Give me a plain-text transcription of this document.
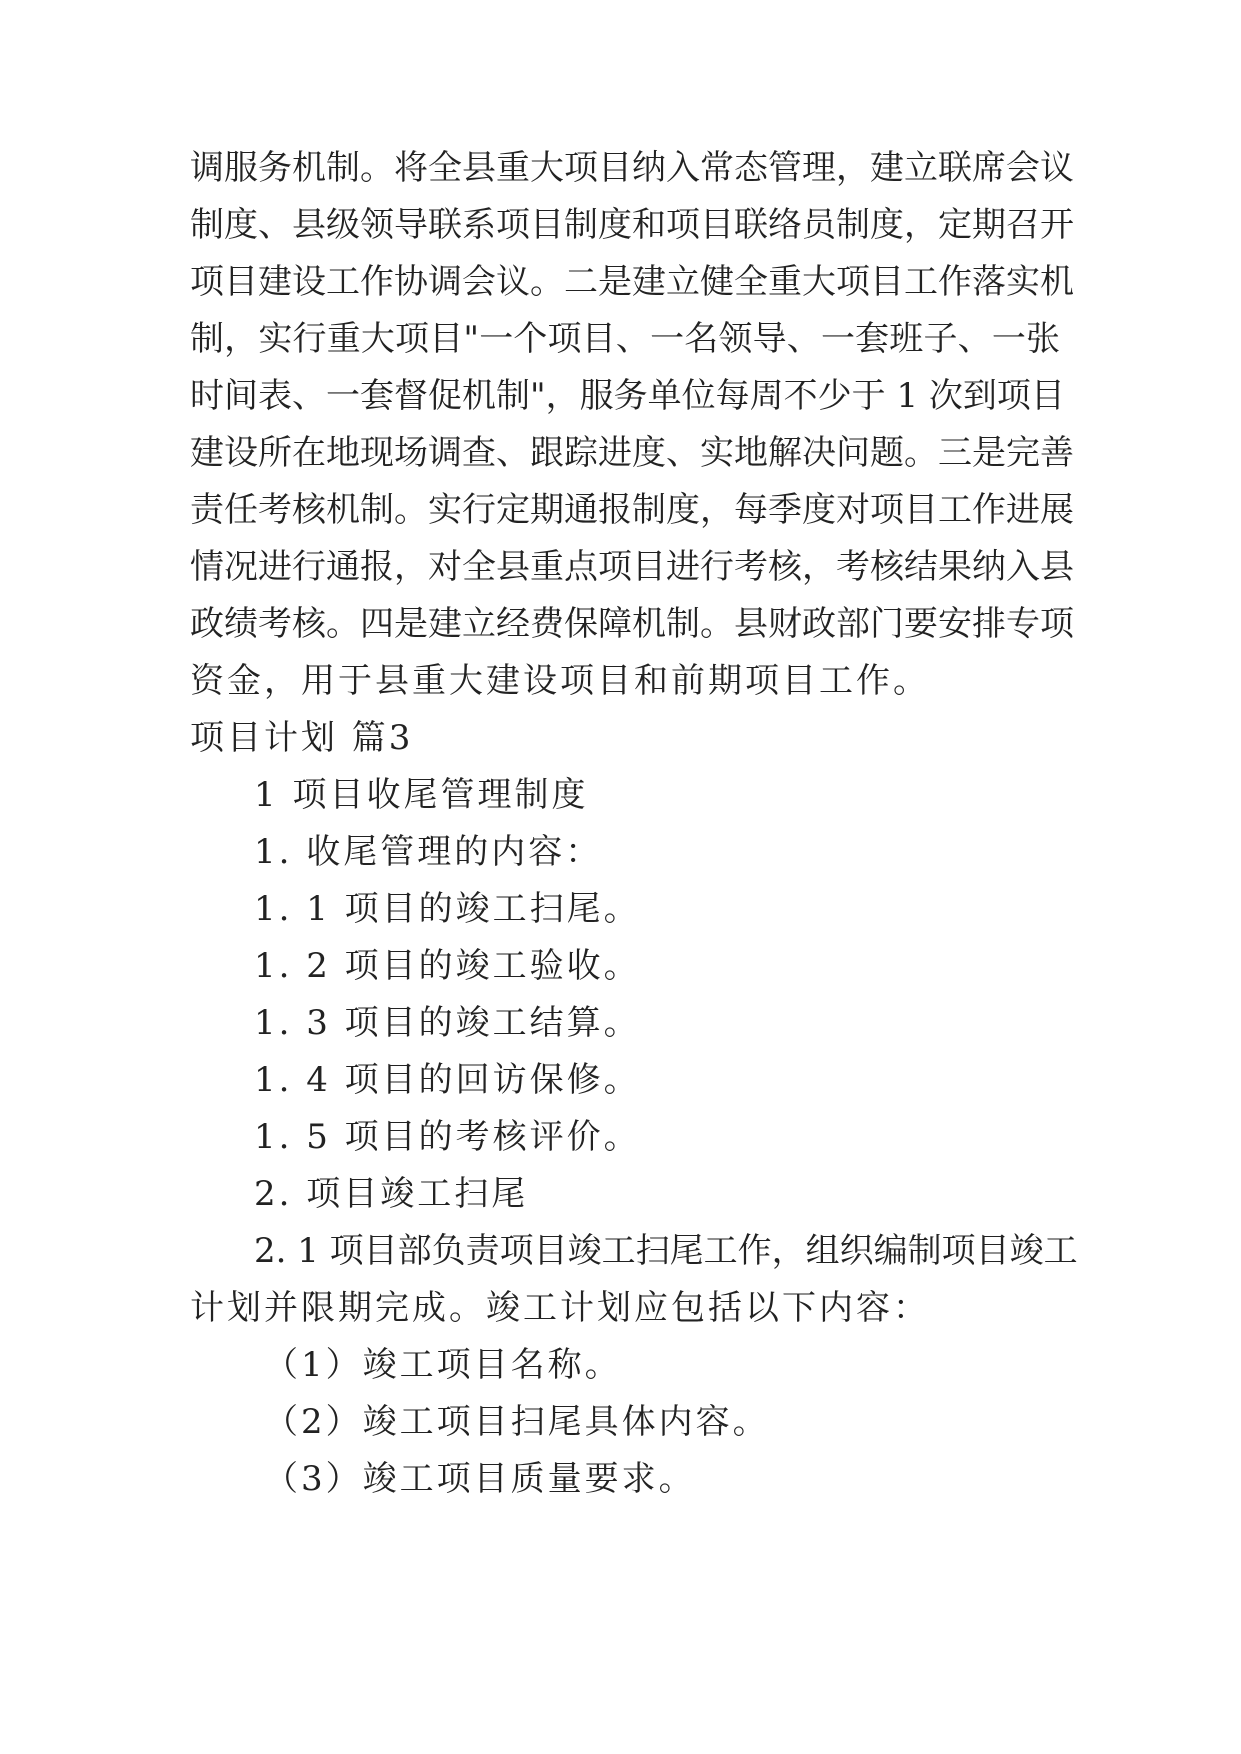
调服务机制。将全县重大项目纳入常态管理，建立联席会议
制度、县级领导联系项目制度和项目联络员制度，定期召开
项目建设工作协调会议。二是建立健全重大项目工作落实机
制，实行重大项目"一个项目、一名领导、一套班子、一张
时间表、一套督促机制"，服务单位每周不少于 1 次到项目
建设所在地现场调查、跟踪进度、实地解决问题。三是完善
责任考核机制。实行定期通报制度，每季度对项目工作进展
情况进行通报，对全县重点项目进行考核，考核结果纳入县
政绩考核。四是建立经费保障机制。县财政部门要安排专项
资金，用于县重大建设项目和前期项目工作。
项目计划 篇3
1 项目收尾管理制度
1. 收尾管理的内容：
1. 1 项目的竣工扫尾。
1. 2 项目的竣工验收。
1. 3 项目的竣工结算。
1. 4 项目的回访保修。
1. 5 项目的考核评价。
2. 项目竣工扫尾
2. 1 项目部负责项目竣工扫尾工作，组织编制项目竣工
计划并限期完成。竣工计划应包括以下内容：
（1）竣工项目名称。
（2）竣工项目扫尾具体内容。
（3）竣工项目质量要求。
